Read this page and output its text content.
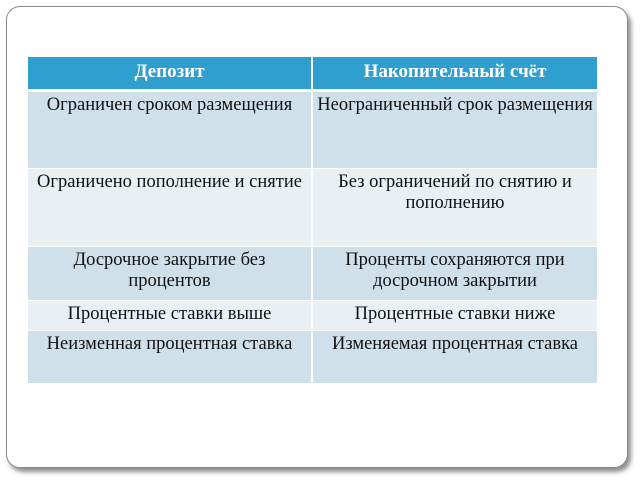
Депозит	Накопительный счёт
Ограничен сроком размещения	Неограниченный срок размещения
Ограничено пополнение и снятие	Без ограничений по снятию и пополнению
Досрочное закрытие без процентов	Проценты сохраняются при досрочном закрытии
Процентные ставки выше	Процентные ставки ниже
Неизменная процентная ставка	Изменяемая процентная ставка
